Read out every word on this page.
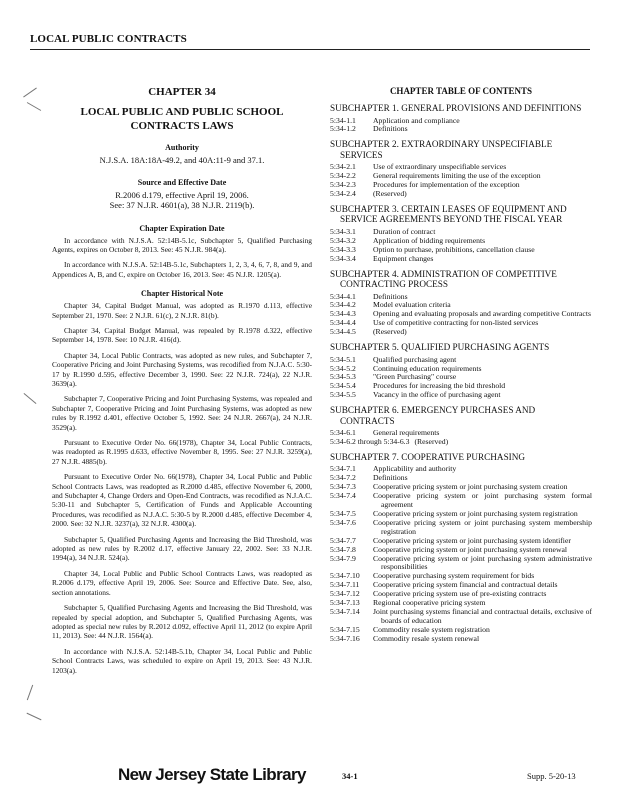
LOCAL PUBLIC CONTRACTS
CHAPTER 34
LOCAL PUBLIC AND PUBLIC SCHOOL
CONTRACTS LAWS
Authority

N.J.S.A. 18A:18A-49.2, and 40A:11-9 and 37.1.

Source and Effective Date

R.2006 d.179, effective April 19, 2006.

See: 37 N.J.R. 4601(a), 38 N.J.R. 2119(b).

Chapter Expiration Date

In accordance with N.J.S.A. 52:14B-5.1c, Subchapter 5, Qualified Purchasing Agents, expires on October 8, 2013. See: 45 N.J.R. 984(a).

In accordance with N.J.S.A. 52:14B-5.1c, Subchapters 1, 2, 3, 4, 6, 7, 8, and 9, and Appendices A, B, and C, expire on October 16, 2013. See: 45 N.J.R. 1205(a).

Chapter Historical Note

Chapter 34, Capital Budget Manual, was adopted as R.1970 d.113, effective September 21, 1970. See: 2 N.J.R. 61(c), 2 N.J.R. 81(b).

Chapter 34, Capital Budget Manual, was repealed by R.1978 d.322, effective September 14, 1978. See: 10 N.J.R. 416(d).

Chapter 34, Local Public Contracts, was adopted as new rules, and Subchapter 7, Cooperative Pricing and Joint Purchasing Systems, was recodified from N.J.A.C. 5:30-17 by R.1990 d.595, effective December 3, 1990. See: 22 N.J.R. 724(a), 22 N.J.R. 3639(a).

Subchapter 7, Cooperative Pricing and Joint Purchasing Systems, was repealed and Subchapter 7, Cooperative Pricing and Joint Purchasing Systems, was adopted as new rules by R.1992 d.401, effective October 5, 1992. See: 24 N.J.R. 2667(a), 24 N.J.R. 3529(a).

Pursuant to Executive Order No. 66(1978), Chapter 34, Local Public Contracts, was readopted as R.1995 d.633, effective November 8, 1995. See: 27 N.J.R. 3259(a), 27 N.J.R. 4885(b).

Pursuant to Executive Order No. 66(1978), Chapter 34, Local Public and Public School Contracts Laws, was readopted as R.2000 d.485, effective November 6, 2000, and Subchapter 4, Change Orders and Open-End Contracts, was recodified as N.J.A.C. 5:30-11 and Subchapter 5, Certification of Funds and Applicable Accounting Procedures, was recodified as N.J.A.C. 5:30-5 by R.2000 d.485, effective December 4, 2000. See: 32 N.J.R. 3237(a), 32 N.J.R. 4300(a).

Subchapter 5, Qualified Purchasing Agents and Increasing the Bid Threshold, was adopted as new rules by R.2002 d.17, effective January 22, 2002. See: 33 N.J.R. 1994(a), 34 N.J.R. 524(a).

Chapter 34, Local Public and Public School Contracts Laws, was readopted as R.2006 d.179, effective April 19, 2006. See: Source and Effective Date. See, also, section annotations.

Subchapter 5, Qualified Purchasing Agents and Increasing the Bid Threshold, was repealed by special adoption, and Subchapter 5, Qualified Purchasing Agents, was adopted as special new rules by R.2012 d.092, effective April 11, 2012 (to expire April 11, 2013). See: 44 N.J.R. 1564(a).

In accordance with N.J.S.A. 52:14B-5.1b, Chapter 34, Local Public and Public School Contracts Laws, was scheduled to expire on April 19, 2013. See: 43 N.J.R. 1203(a).

CHAPTER TABLE OF CONTENTS
SUBCHAPTER 1. GENERAL PROVISIONS AND DEFINITIONS
5:34-1.1	Application and compliance
5:34-1.2	Definitions
SUBCHAPTER 2. EXTRAORDINARY UNSPECIFIABLE SERVICES
5:34-2.1	Use of extraordinary unspecifiable services
5:34-2.2	General requirements limiting the use of the exception
5:34-2.3	Procedures for implementation of the exception
5:34-2.4	(Reserved)
SUBCHAPTER 3. CERTAIN LEASES OF EQUIPMENT AND SERVICE AGREEMENTS BEYOND THE FISCAL YEAR
5:34-3.1	Duration of contract
5:34-3.2	Application of bidding requirements
5:34-3.3	Option to purchase, prohibitions, cancellation clause
5:34-3.4	Equipment changes
SUBCHAPTER 4. ADMINISTRATION OF COMPETITIVE CONTRACTING PROCESS
5:34-4.1	Definitions
5:34-4.2	Model evaluation criteria
5:34-4.3	Opening and evaluating proposals and awarding competitive Contracts
5:34-4.4	Use of competitive contracting for non-listed services
5:34-4.5	(Reserved)
SUBCHAPTER 5. QUALIFIED PURCHASING AGENTS
5:34-5.1	Qualified purchasing agent
5:34-5.2	Continuing education requirements
5:34-5.3	"Green Purchasing" course
5:34-5.4	Procedures for increasing the bid threshold
5:34-5.5	Vacancy in the office of purchasing agent
SUBCHAPTER 6. EMERGENCY PURCHASES AND CONTRACTS
5:34-6.1	General requirements
5:34-6.2 through 5:34-6.3 (Reserved)
SUBCHAPTER 7. COOPERATIVE PURCHASING
5:34-7.1	Applicability and authority
5:34-7.2	Definitions
5:34-7.3	Cooperative pricing system or joint purchasing system creation
5:34-7.4	Cooperative pricing system or joint purchasing system formal agreement
5:34-7.5	Cooperative pricing system or joint purchasing system registration
5:34-7.6	Cooperative pricing system or joint purchasing system membership registration
5:34-7.7	Cooperative pricing system or joint purchasing system identifier
5:34-7.8	Cooperative pricing system or joint purchasing system renewal
5:34-7.9	Cooperative pricing system or joint purchasing system administrative responsibilities
5:34-7.10	Cooperative purchasing system requirement for bids
5:34-7.11	Cooperative pricing system financial and contractual details
5:34-7.12	Cooperative pricing system use of pre-existing contracts
5:34-7.13	Regional cooperative pricing system
5:34-7.14	Joint purchasing systems financial and contractual details, exclusive of boards of education
5:34-7.15	Commodity resale system registration
5:34-7.16	Commodity resale system renewal
New Jersey State Library	34-1	Supp. 5-20-13
